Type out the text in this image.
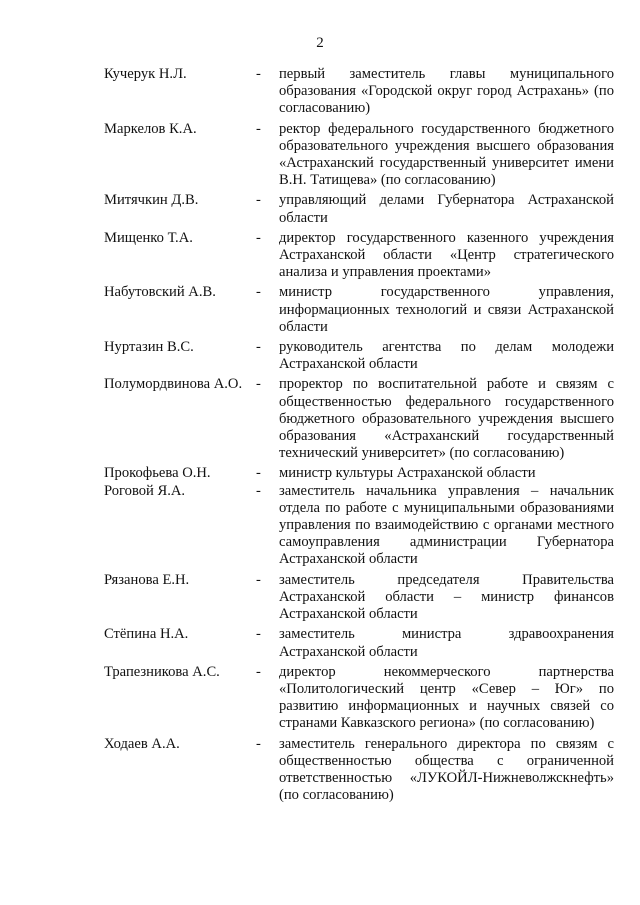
2
Кучерук Н.Л.	-	первый заместитель главы муниципального образования «Городской округ город Астрахань» (по согласованию)
Маркелов К.А.	-	ректор федерального государственного бюджетного образовательного учреждения высшего образования «Астраханский государственный университет имени В.Н. Татищева» (по согласованию)
Митячкин Д.В.	-	управляющий делами Губернатора Астраханской области
Мищенко Т.А.	-	директор государственного казенного учреждения Астраханской области «Центр стратегического анализа и управления проектами»
Набутовский А.В.	-	министр государственного управления, информационных технологий и связи Астраханской области
Нуртазин В.С.	-	руководитель агентства по делам молодежи Астраханской области
Полумордвинова А.О. -	проректор по воспитательной работе и связям с общественностью федерального государственного бюджетного образовательного учреждения высшего образования «Астраханский государственный технический университет» (по согласованию)
Прокофьева О.Н.	-	министр культуры Астраханской области
Роговой Я.А.	-	заместитель начальника управления – начальник отдела по работе с муниципальными образованиями управления по взаимодействию с органами местного самоуправления администрации Губернатора Астраханской области
Рязанова Е.Н.	-	заместитель председателя Правительства Астраханской области – министр финансов Астраханской области
Стёпина Н.А.	-	заместитель министра здравоохранения Астраханской области
Трапезникова А.С.	-	директор некоммерческого партнерства «Политологический центр «Север – Юг» по развитию информационных и научных связей со странами Кавказского региона» (по согласованию)
Ходаев А.А.	-	заместитель генерального директора по связям с общественностью общества с ограниченной ответственностью «ЛУКОЙЛ-Нижневолжскнефть» (по согласованию)
